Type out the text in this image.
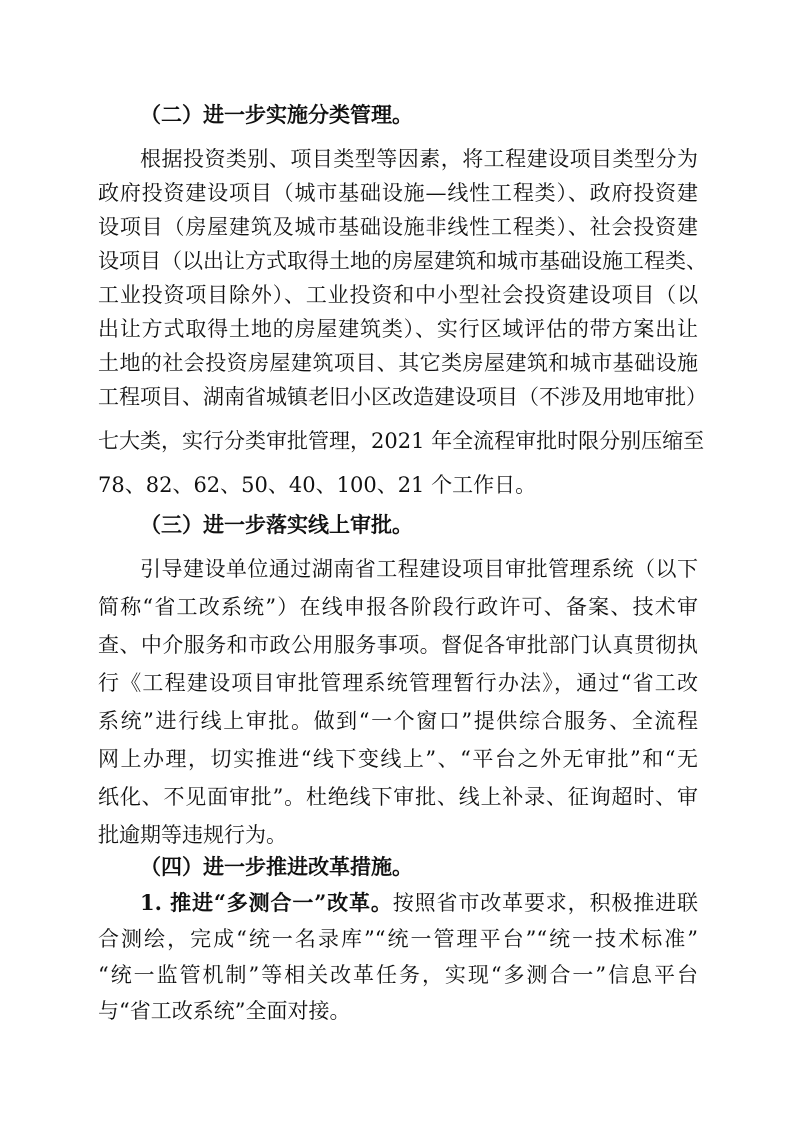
（二）进一步实施分类管理。
根据投资类别、项目类型等因素，将工程建设项目类型分为
政府投资建设项目（城市基础设施—线性工程类）、政府投资建
设项目（房屋建筑及城市基础设施非线性工程类）、社会投资建
设项目（以出让方式取得土地的房屋建筑和城市基础设施工程类、
工业投资项目除外）、工业投资和中小型社会投资建设项目（以
出让方式取得土地的房屋建筑类）、实行区域评估的带方案出让
土地的社会投资房屋建筑项目、其它类房屋建筑和城市基础设施
工程项目、湖南省城镇老旧小区改造建设项目（不涉及用地审批）
七大类，实行分类审批管理，2021 年全流程审批时限分别压缩至
78、82、62、50、40、100、21 个工作日。
（三）进一步落实线上审批。
引导建设单位通过湖南省工程建设项目审批管理系统（以下
简称“省工改系统”）在线申报各阶段行政许可、备案、技术审
查、中介服务和市政公用服务事项。督促各审批部门认真贯彻执
行《工程建设项目审批管理系统管理暂行办法》，通过“省工改
系统”进行线上审批。做到“一个窗口”提供综合服务、全流程
网上办理，切实推进“线下变线上”、“平台之外无审批”和“无
纸化、不见面审批”。杜绝线下审批、线上补录、征询超时、审
批逾期等违规行为。
（四）进一步推进改革措施。
1. 推进“多测合一”改革。按照省市改革要求，积极推进联
合测绘，完成“统一名录库”“统一管理平台”“统一技术标准”
“统一监管机制”等相关改革任务，实现“多测合一”信息平台
与“省工改系统”全面对接。
